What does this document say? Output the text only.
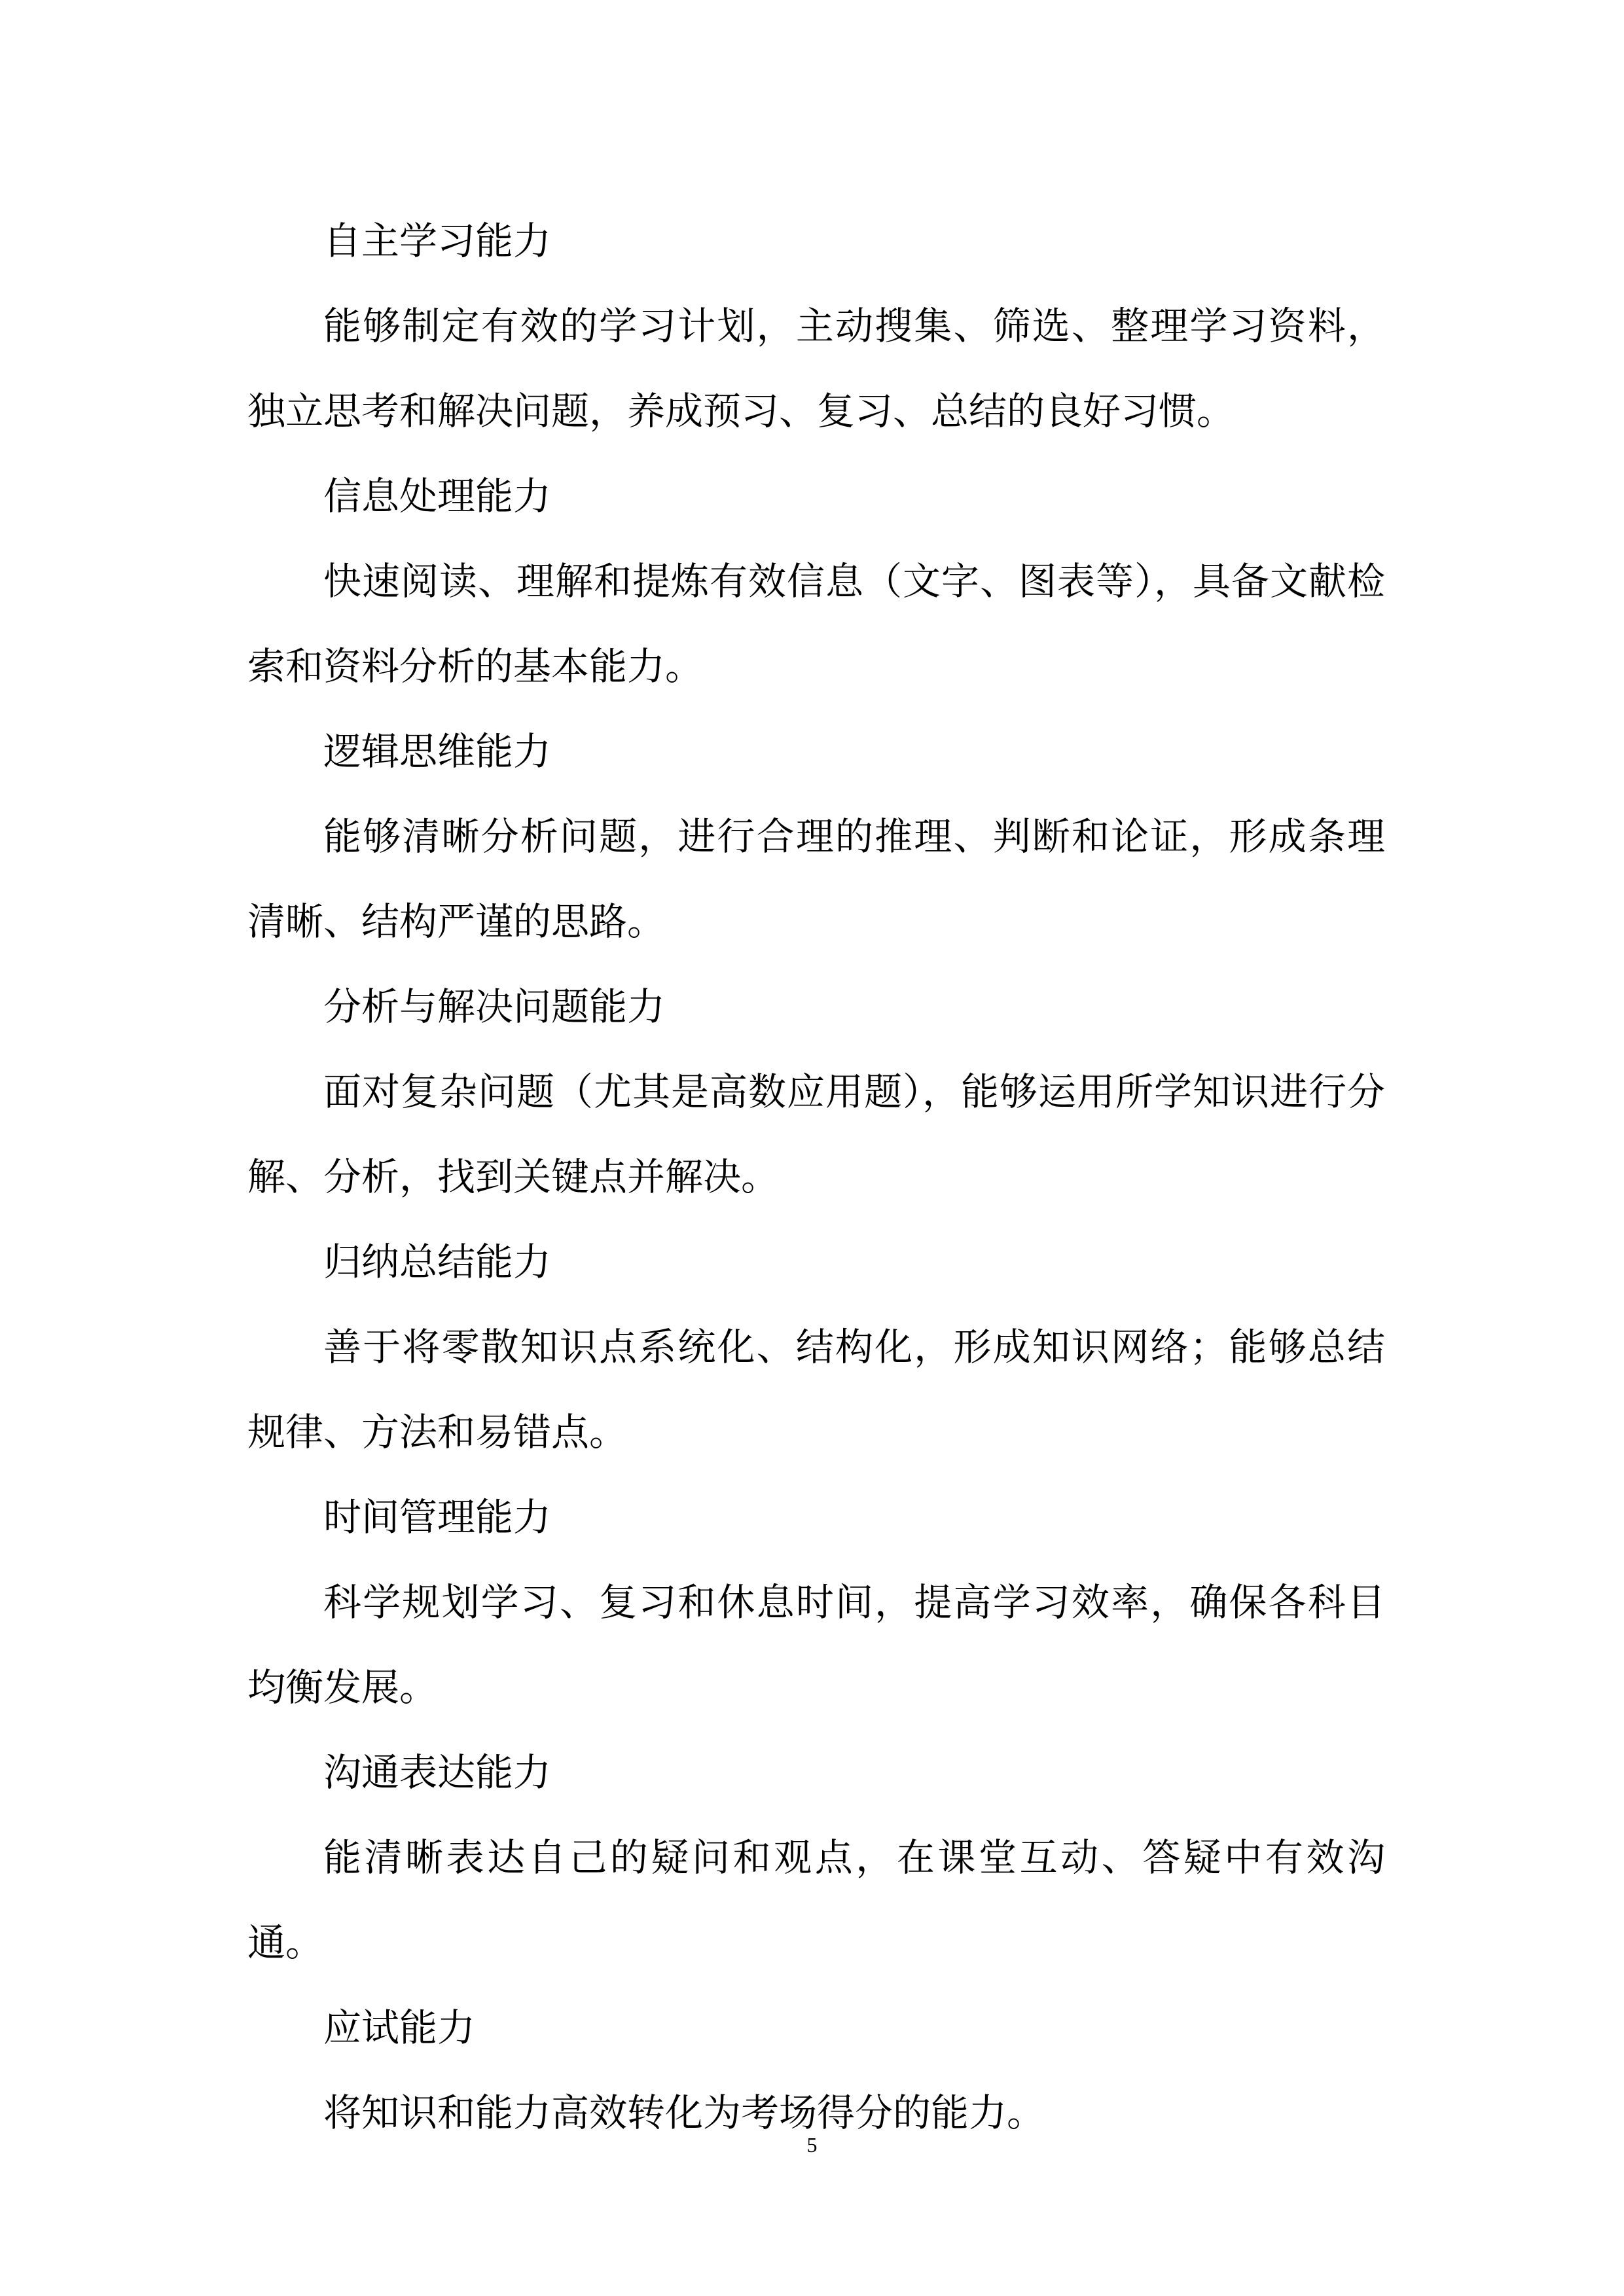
自主学习能力

能够制定有效的学习计划，主动搜集、筛选、整理学习资料，独立思考和解决问题，养成预习、复习、总结的良好习惯。

信息处理能力

快速阅读、理解和提炼有效信息（文字、图表等），具备文献检索和资料分析的基本能力。

逻辑思维能力

能够清晰分析问题，进行合理的推理、判断和论证，形成条理清晰、结构严谨的思路。

分析与解决问题能力

面对复杂问题（尤其是高数应用题），能够运用所学知识进行分解、分析，找到关键点并解决。

归纳总结能力

善于将零散知识点系统化、结构化，形成知识网络；能够总结规律、方法和易错点。

时间管理能力

科学规划学习、复习和休息时间，提高学习效率，确保各科目均衡发展。

沟通表达能力

能清晰表达自己的疑问和观点，在课堂互动、答疑中有效沟通。

应试能力

将知识和能力高效转化为考场得分的能力。

5
